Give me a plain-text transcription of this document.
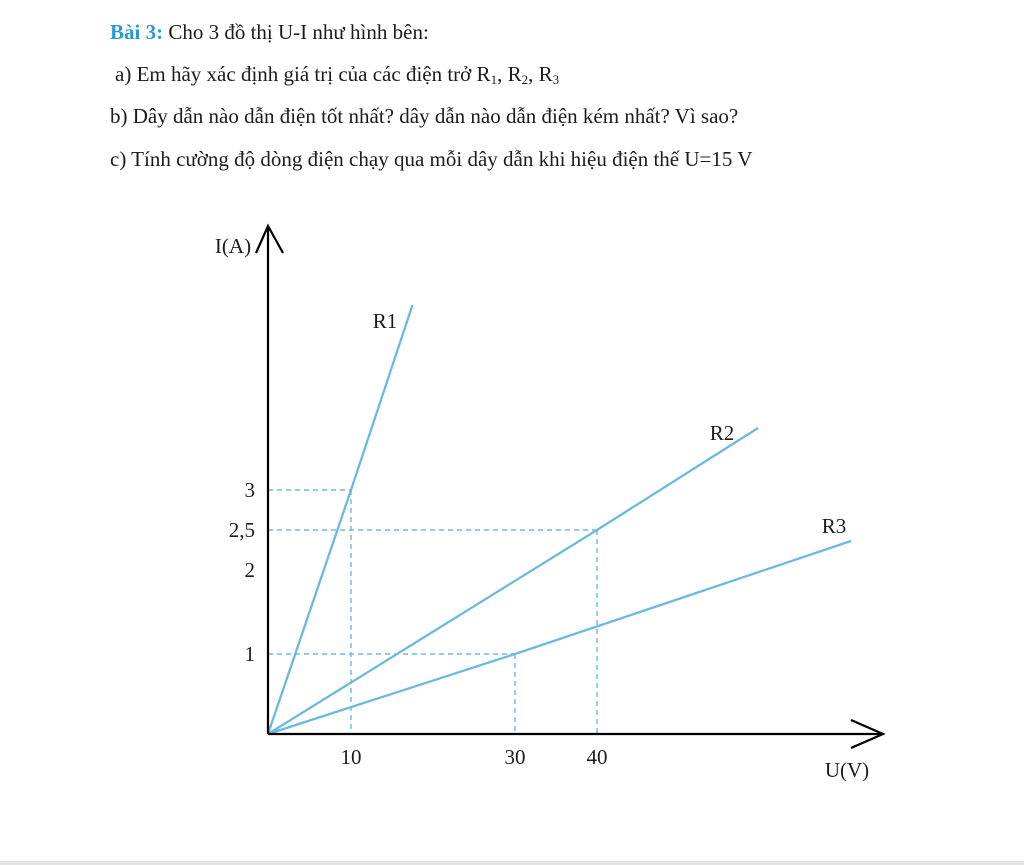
Bài 3: Cho 3 đồ thị U-I như hình bên:
a) Em hãy xác định giá trị của các điện trở $R_1$, $R_2$, $R_3$
b) Dây dẫn nào dẫn điện tốt nhất? dây dẫn nào dẫn điện kém nhất? Vì sao?
c) Tính cường độ dòng điện chạy qua mỗi dây dẫn khi hiệu điện thế U=15 V
10	30	40
1
2
2,5
3
I(A)
U(V)
R1
R2
R3
